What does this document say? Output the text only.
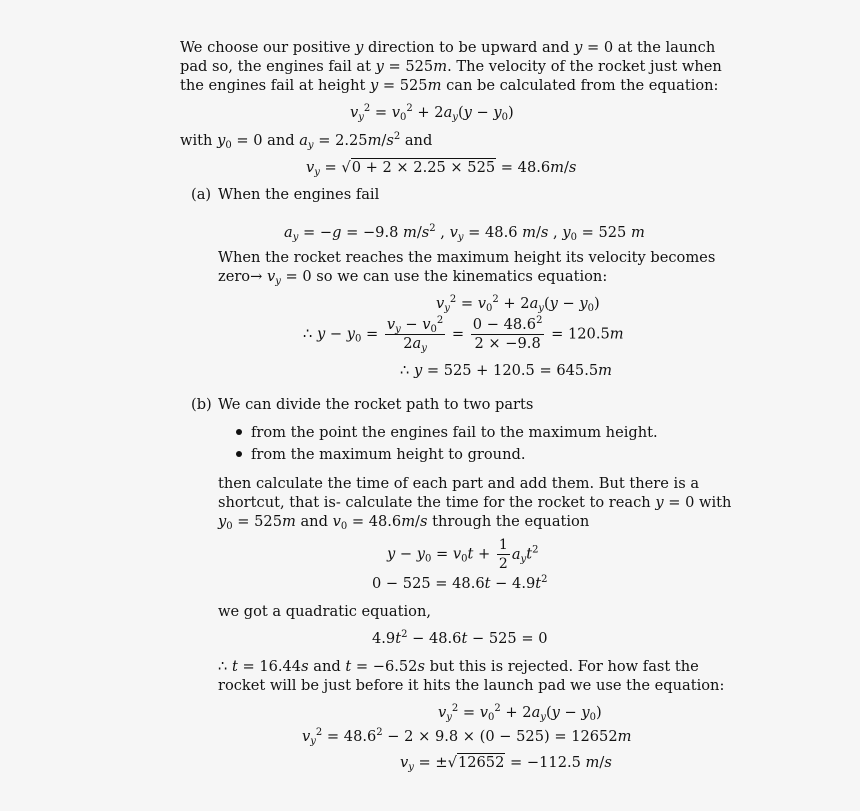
We choose our positive y direction to be upward and y = 0 at the launch
pad so, the engines fail at y = 525m. The velocity of the rocket just when
the engines fail at height y = 525m can be calculated from the equation:
$v_y^2 = v_0^2 + 2a_y(y - y_0)$
with $y_0 = 0$ and $a_y = 2.25m/s^2$ and
$v_y = √0 + 2 \times 2.25 \times 525 = 48.6m/s$
(a) When the engines fail
$a_y = -g = -9.8$ $m/s^2$ , $v_y = 48.6$ m/s , $y_0 = 525$ m
When the rocket reaches the maximum height its velocity becomes
zero→ $v_y = 0$ so we can use the kinematics equation:
$v_y^2 = v_0^2 + 2a_y(y - y_0)$
∴ $y - y_0 = \frac{v_y - v_0^2}{2a_y} = \frac{0 - 48.6^2}{2 \times -9.8} = 120.5m$
∴ y = 525 + 120.5 = 645.5m
(b) We can divide the rocket path to two parts
from the point the engines fail to the maximum height.
from the maximum height to ground.
then calculate the time of each part and add them. But there is a
shortcut, that is- calculate the time for the rocket to reach y = 0 with
$y_0 = 525m$ and $v_0 = 48.6m/s$ through the equation
$y - y_0 = v_0t + \frac{1}{2} a_yt^2$
$0 - 525 = 48.6t - 4.9t^2$
we got a quadratic equation,
$4.9t^2 - 48.6t - 525 = 0$
∴ t = 16.44s and t = −6.52s but this is rejected. For how fast the
rocket will be just before it hits the launch pad we use the equation:
$v_y^2 = v_0^2 + 2a_y(y - y_0)$
$v_y^2 = 48.6^2 - 2 \times 9.8 \times (0 - 525) = 12652m$
$v_y = \pm√12652 = -112.5$ m/s
